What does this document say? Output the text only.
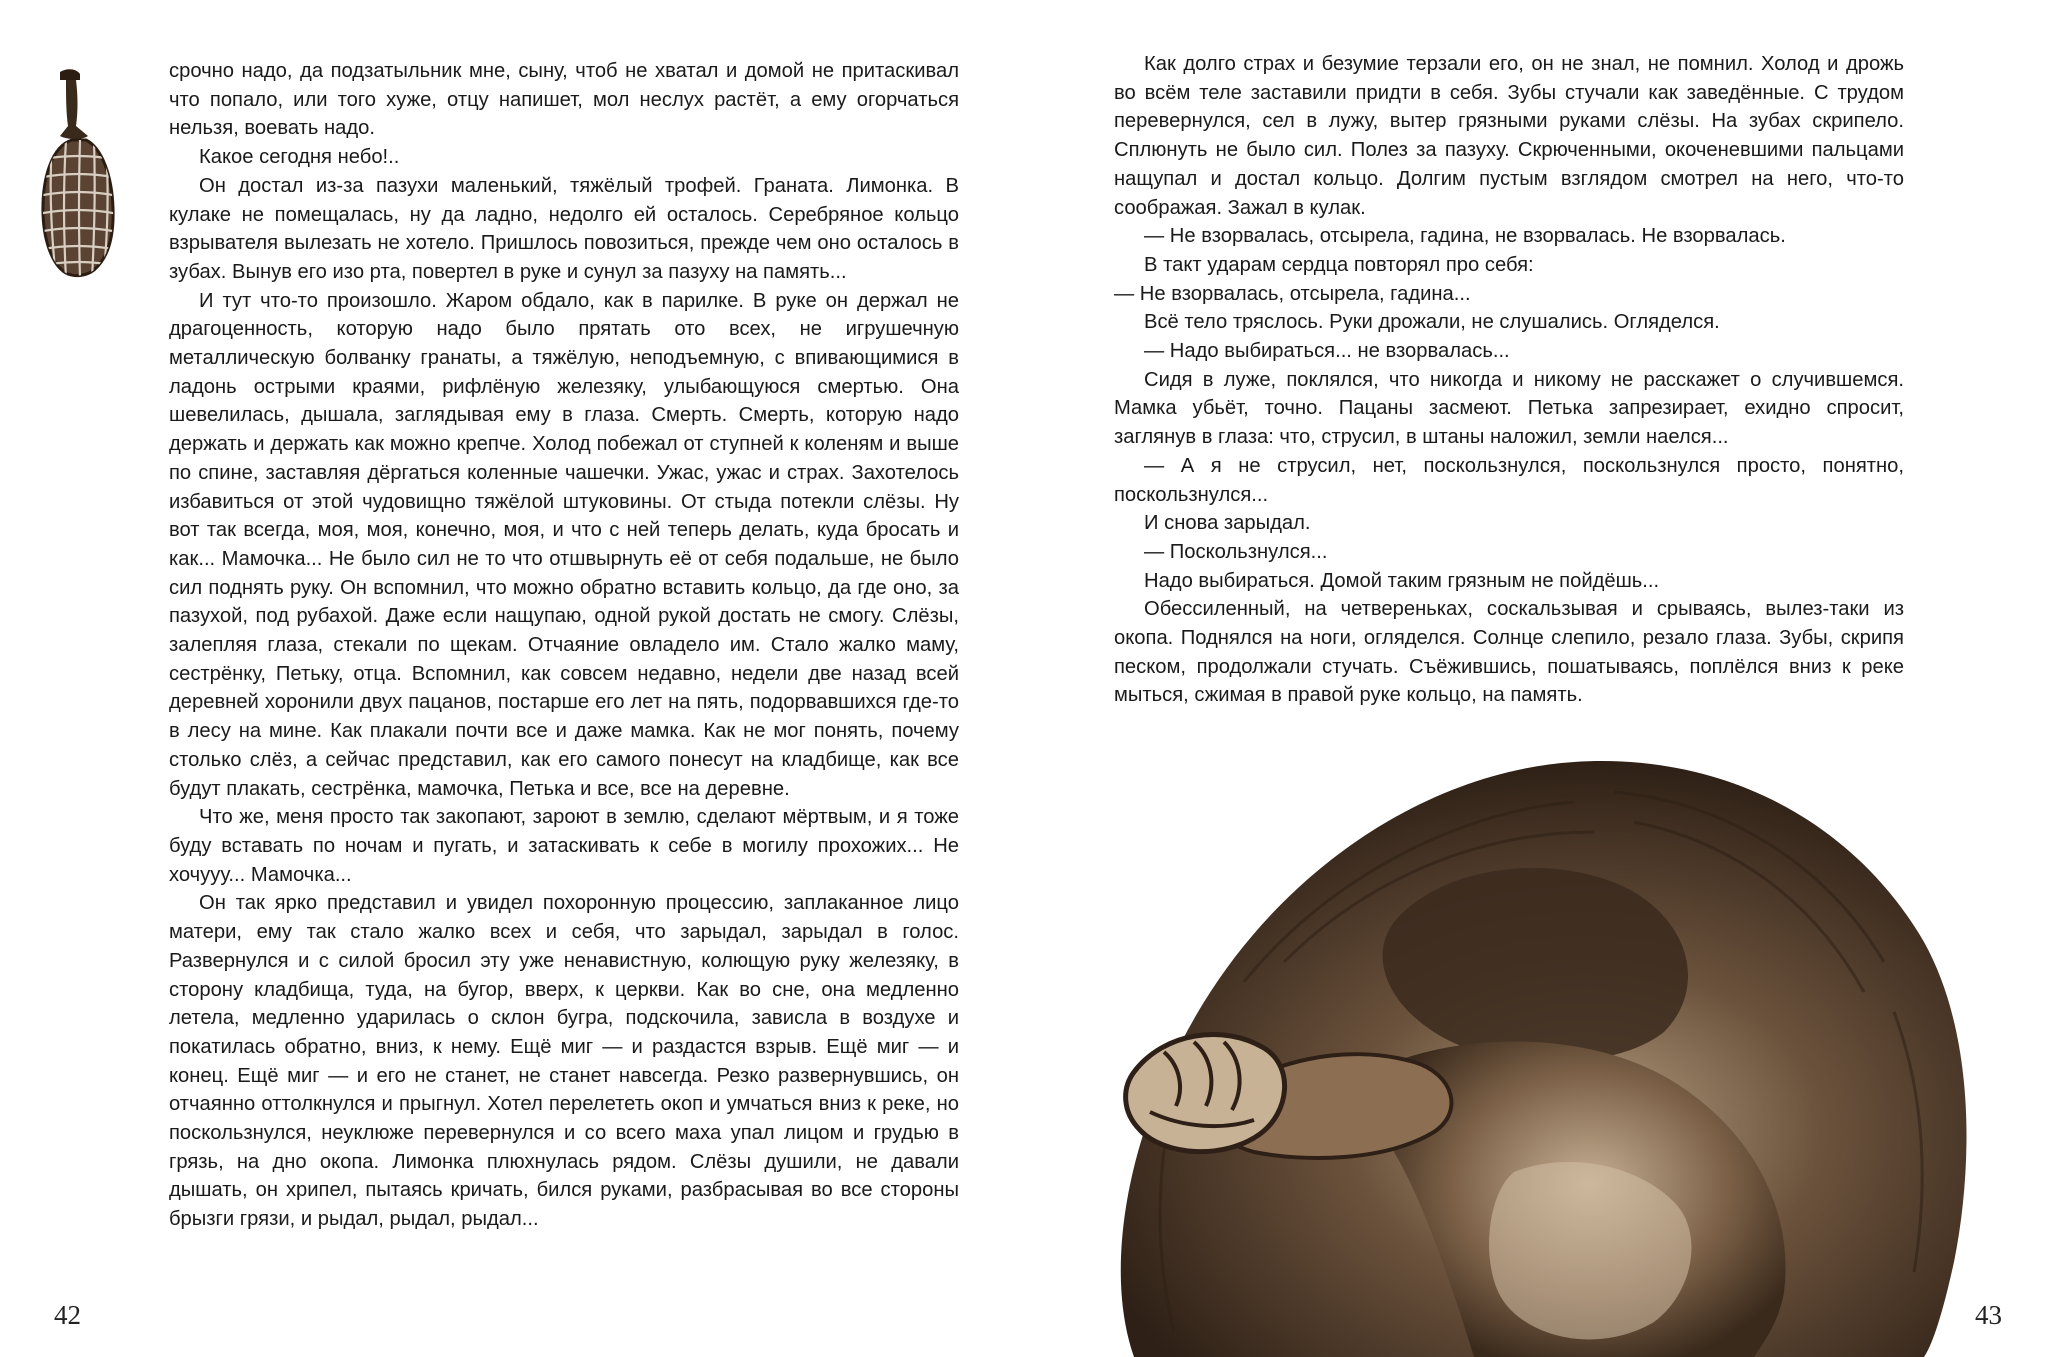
срочно надо, да подзатыльник мне, сыну, чтоб не хватал и домой не притаскивал что попало, или того хуже, отцу напишет, мол неслух растёт, а ему огорчаться нельзя, воевать надо.

Какое сегодня небо!..

Он достал из-за пазухи маленький, тяжёлый трофей. Граната. Лимонка. В кулаке не помещалась, ну да ладно, недолго ей осталось. Серебряное кольцо взрывателя вылезать не хотело. Пришлось повозиться, прежде чем оно осталось в зубах. Вынув его изо рта, повертел в руке и сунул за пазуху на память...

И тут что-то произошло. Жаром обдало, как в парилке. В руке он держал не драгоценность, которую надо было прятать ото всех, не игрушечную металлическую болванку гранаты, а тяжёлую, неподъемную, с впивающимися в ладонь острыми краями, рифлёную железяку, улыбающуюся смертью. Она шевелилась, дышала, заглядывая ему в глаза. Смерть. Смерть, которую надо держать и держать как можно крепче. Холод побежал от ступней к коленям и выше по спине, заставляя дёргаться коленные чашечки. Ужас, ужас и страх. Захотелось избавиться от этой чудовищно тяжёлой штуковины. От стыда потекли слёзы. Ну вот так всегда, моя, моя, конечно, моя, и что с ней теперь делать, куда бросать и как... Мамочка... Не было сил не то что отшвырнуть её от себя подальше, не было сил поднять руку. Он вспомнил, что можно обратно вставить кольцо, да где оно, за пазухой, под рубахой. Даже если нащупаю, одной рукой достать не смогу. Слёзы, залепляя глаза, стекали по щекам. Отчаяние овладело им. Стало жалко маму, сестрёнку, Петьку, отца. Вспомнил, как совсем недавно, недели две назад всей деревней хоронили двух пацанов, постарше его лет на пять, подорвавшихся где-то в лесу на мине. Как плакали почти все и даже мамка. Как не мог понять, почему столько слёз, а сейчас представил, как его самого понесут на кладбище, как все будут плакать, сестрёнка, мамочка, Петька и все, все на деревне.

Что же, меня просто так закопают, зароют в землю, сделают мёртвым, и я тоже буду вставать по ночам и пугать, и затаскивать к себе в могилу прохожих... Не хочууу... Мамочка...

Он так ярко представил и увидел похоронную процессию, заплаканное лицо матери, ему так стало жалко всех и себя, что зарыдал, зарыдал в голос. Развернулся и с силой бросил эту уже ненавистную, колющую руку железяку, в сторону кладбища, туда, на бугор, вверх, к церкви. Как во сне, она медленно летела, медленно ударилась о склон бугра, подскочила, зависла в воздухе и покатилась обратно, вниз, к нему. Ещё миг — и раздастся взрыв. Ещё миг — и конец. Ещё миг — и его не станет, не станет навсегда. Резко развернувшись, он отчаянно оттолкнулся и прыгнул. Хотел перелететь окоп и умчаться вниз к реке, но поскользнулся, неуклюже перевернулся и со всего маха упал лицом и грудью в грязь, на дно окопа. Лимонка плюхнулась рядом. Слёзы душили, не давали дышать, он хрипел, пытаясь кричать, бился руками, разбрасывая во все стороны брызги грязи, и рыдал, рыдал, рыдал...

42

Как долго страх и безумие терзали его, он не знал, не помнил. Холод и дрожь во всём теле заставили придти в себя. Зубы стучали как заведённые. С трудом перевернулся, сел в лужу, вытер грязными руками слёзы. На зубах скрипело. Сплюнуть не было сил. Полез за пазуху. Скрюченными, окоченевшими пальцами нащупал и достал кольцо. Долгим пустым взглядом смотрел на него, что-то соображая. Зажал в кулак.

— Не взорвалась, отсырела, гадина, не взорвалась. Не взорвалась.

В такт ударам сердца повторял про себя:

— Не взорвалась, отсырела, гадина...

Всё тело тряслось. Руки дрожали, не слушались. Огляделся.

— Надо выбираться... не взорвалась...

Сидя в луже, поклялся, что никогда и никому не расскажет о случившемся. Мамка убьёт, точно. Пацаны засмеют. Петька запрезирает, ехидно спросит, заглянув в глаза: что, струсил, в штаны наложил, земли наелся...

— А я не струсил, нет, поскользнулся, поскользнулся просто, понятно, поскользнулся...

И снова зарыдал.

— Поскользнулся...

Надо выбираться. Домой таким грязным не пойдёшь...

Обессиленный, на четвереньках, соскальзывая и срываясь, вылез-таки из окопа. Поднялся на ноги, огляделся. Солнце слепило, резало глаза. Зубы, скрипя песком, продолжали стучать. Съёжившись, пошатываясь, поплёлся вниз к реке мыться, сжимая в правой руке кольцо, на память.

43
